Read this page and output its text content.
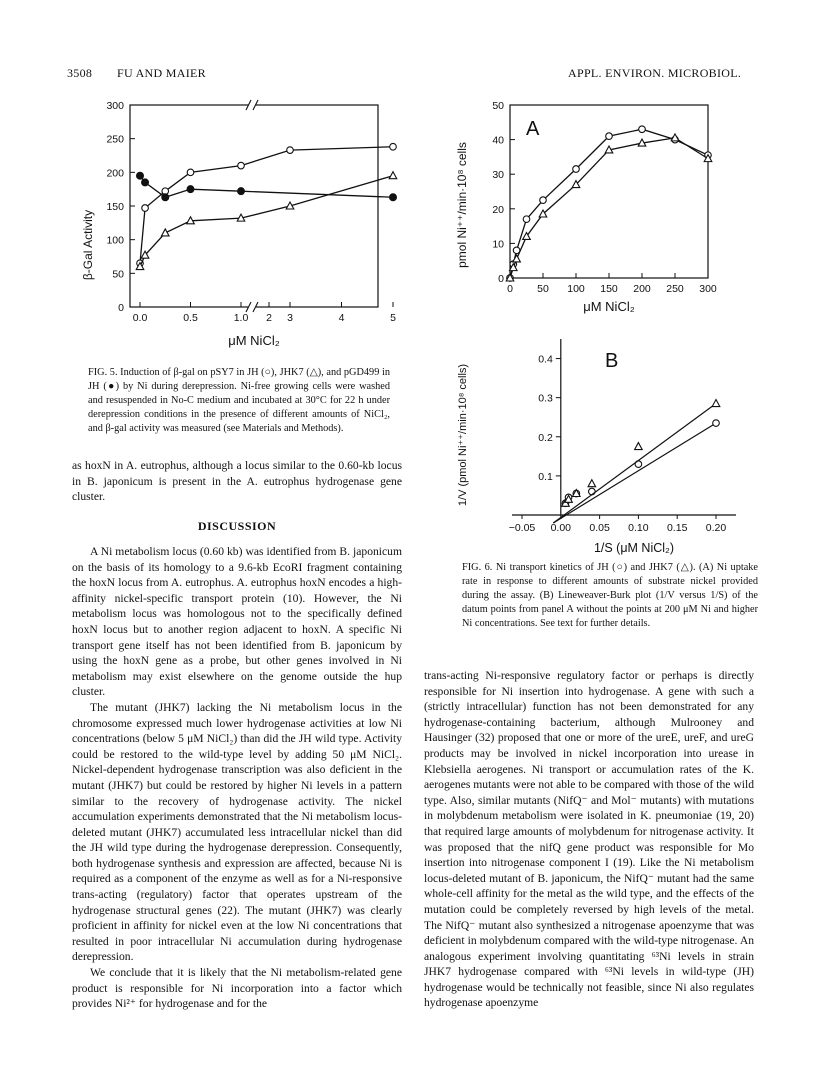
3508 FU AND MAIER	APPL. ENVIRON. MICROBIOL.
β-Gal Activity
0
50
100
150
200
250
300
0.0	0.5	1.0 2 3	4	5
μM NiCl₂
pmol Ni⁺⁺/min·10⁸ cells
A
0
10
20
30
40
50
0 50 100 150 200 250 300
μM NiCl₂
1/V (pmol Ni⁺⁺/min·10⁸ cells)
B
0.1
0.2
0.3
0.4
−0.05 0.00 0.05 0.10 0.15 0.20
1/S (μM NiCl₂)
FIG. 5. Induction of β-gal on pSY7 in JH (○), JHK7 (△), and pGD499 in JH (●) by Ni during derepression. Ni-free growing cells were washed and resuspended in No-C medium and incubated at 30°C for 22 h under derepression conditions in the presence of different amounts of NiCl₂, and β-gal activity was measured (see Materials and Methods).
FIG. 6. Ni transport kinetics of JH (○) and JHK7 (△). (A) Ni uptake rate in response to different amounts of substrate nickel provided during the assay. (B) Lineweaver-Burk plot (1/V versus 1/S) of the datum points from panel A without the points at 200 μM Ni and higher Ni concentrations. See text for further details.

as hoxN in A. eutrophus, although a locus similar to the 0.60-kb locus in B. japonicum is present in the A. eutrophus hydrogenase gene cluster.

DISCUSSION

A Ni metabolism locus (0.60 kb) was identified from B. japonicum on the basis of its homology to a 9.6-kb EcoRI fragment containing the hoxN locus from A. eutrophus. A. eutrophus hoxN encodes a high-affinity nickel-specific transport protein (10). However, the Ni metabolism locus was homologous not to the specifically defined hoxN locus but to another region adjacent to hoxN. A specific Ni transport gene itself has not been identified from B. japonicum by using the hoxN gene as a probe, but other genes involved in Ni metabolism may exist elsewhere on the genome outside the hup cluster.

The mutant (JHK7) lacking the Ni metabolism locus in the chromosome expressed much lower hydrogenase activities at low Ni concentrations (below 5 μM NiCl₂) than did the JH wild type. Activity could be restored to the wild-type level by adding 50 μM NiCl₂. Nickel-dependent hydrogenase transcription was also deficient in the mutant (JHK7) but could be restored by higher Ni levels in a pattern similar to the recovery of hydrogenase activity. The nickel accumulation experiments demonstrated that the Ni metabolism locus-deleted mutant (JHK7) accumulated less intracellular nickel than did the JH wild type during the hydrogenase derepression. Consequently, both hydrogenase synthesis and expression are affected, because Ni is required as a component of the enzyme as well as for a Ni-responsive trans-acting (regulatory) factor that operates upstream of the hydrogenase structural genes (22). The mutant (JHK7) was clearly proficient in affinity for nickel even at the low Ni concentrations that resulted in poor intracellular Ni accumulation during hydrogenase derepression.

We conclude that it is likely that the Ni metabolism-related gene product is responsible for Ni incorporation into a factor which provides Ni²⁺ for hydrogenase and for the

trans-acting Ni-responsive regulatory factor or perhaps is directly responsible for Ni insertion into hydrogenase. A gene with such a (strictly intracellular) function has not been demonstrated for any hydrogenase-containing bacterium, although Mulrooney and Hausinger (32) proposed that one or more of the ureE, ureF, and ureG products may be involved in nickel incorporation into urease in Klebsiella aerogenes. Ni transport or accumulation rates of the K. aerogenes mutants were not able to be compared with those of the wild type. Also, similar mutants (NifQ⁻ and Mol⁻ mutants) with mutations in molybdenum metabolism were isolated in K. pneumoniae (19, 20) that required large amounts of molybdenum for nitrogenase activity. It was proposed that the nifQ gene product was responsible for Mo insertion into nitrogenase component I (19). Like the Ni metabolism locus-deleted mutant of B. japonicum, the NifQ⁻ mutant had the same whole-cell affinity for the metal as the wild type, and the effects of the mutation could be completely reversed by high levels of the metal. The NifQ⁻ mutant also synthesized a nitrogenase apoenzyme that was deficient in molybdenum compared with the wild-type nitrogenase. An analogous experiment involving quantitating ⁶³Ni levels in strain JHK7 hydrogenase compared with ⁶³Ni levels in wild-type (JH) hydrogenase would be technically not feasible, since Ni also regulates hydrogenase apoenzyme
